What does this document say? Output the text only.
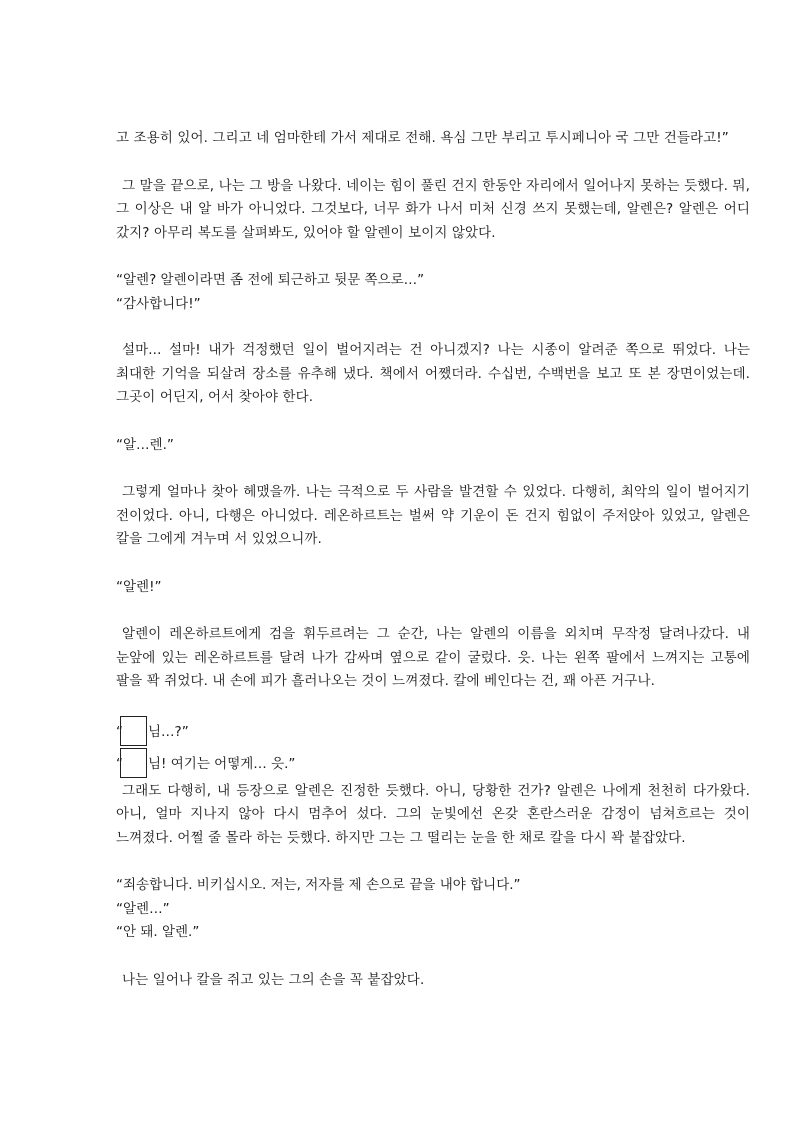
고 조용히 있어. 그리고 네 엄마한테 가서 제대로 전해. 욕심 그만 부리고 투시페니아 국 그만 건들라고!”

그 말을 끝으로, 나는 그 방을 나왔다. 네이는 힘이 풀린 건지 한동안 자리에서 일어나지 못하는 듯했다. 뭐, 그 이상은 내 알 바가 아니었다. 그것보다, 너무 화가 나서 미처 신경 쓰지 못했는데, 알렌은? 알렌은 어디 갔지? 아무리 복도를 살펴봐도, 있어야 할 알렌이 보이지 않았다.

“알렌? 알렌이라면 좀 전에 퇴근하고 뒷문 쪽으로…”

“감사합니다!”

설마... 설마! 내가 걱정했던 일이 벌어지려는 건 아니겠지? 나는 시종이 알려준 쪽으로 뛰었다. 나는 최대한 기억을 되살려 장소를 유추해 냈다. 책에서 어쨌더라. 수십번, 수백번을 보고 또 본 장면이었는데. 그곳이 어딘지, 어서 찾아야 한다.

“알…렌.”

그렇게 얼마나 찾아 헤맸을까. 나는 극적으로 두 사람을 발견할 수 있었다. 다행히, 최악의 일이 벌어지기 전이었다. 아니, 다행은 아니었다. 레온하르트는 벌써 약 기운이 돈 건지 힘없이 주저앉아 있었고, 알렌은 칼을 그에게 겨누며 서 있었으니까.

“알렌!”

알렌이 레온하르트에게 검을 휘두르려는 그 순간, 나는 알렌의 이름을 외치며 무작정 달려나갔다. 내 눈앞에 있는 레온하르트를 달려 나가 감싸며 옆으로 같이 굴렀다. 읏. 나는 왼쪽 팔에서 느껴지는 고통에 팔을 꽉 쥐었다. 내 손에 피가 흘러나오는 것이 느껴졌다. 칼에 베인다는 건, 꽤 아픈 거구나.

“ 님…?”

“ 님! 여기는 어떻게… 읏.”

그래도 다행히, 내 등장으로 알렌은 진정한 듯했다. 아니, 당황한 건가? 알렌은 나에게 천천히 다가왔다. 아니, 얼마 지나지 않아 다시 멈추어 섰다. 그의 눈빛에선 온갖 혼란스러운 감정이 넘쳐흐르는 것이 느껴졌다. 어쩔 줄 몰라 하는 듯했다. 하지만 그는 그 떨리는 눈을 한 채로 칼을 다시 꽉 붙잡았다.

“죄송합니다. 비키십시오. 저는, 저자를 제 손으로 끝을 내야 합니다.”

“알렌…”

“안 돼. 알렌.”

나는 일어나 칼을 쥐고 있는 그의 손을 꼭 붙잡았다.
